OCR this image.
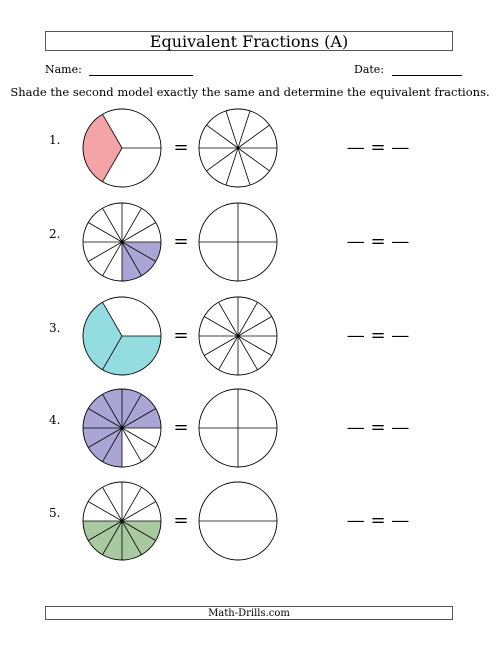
Equivalent Fractions (A)
Name:	Date:
Shade the second model exactly the same and determine the equivalent fractions.
1.	=	— = —
2.	=	— = —
3.	=	— = —
4.	=	— = —
5.	=	— = —
Math-Drills.com
